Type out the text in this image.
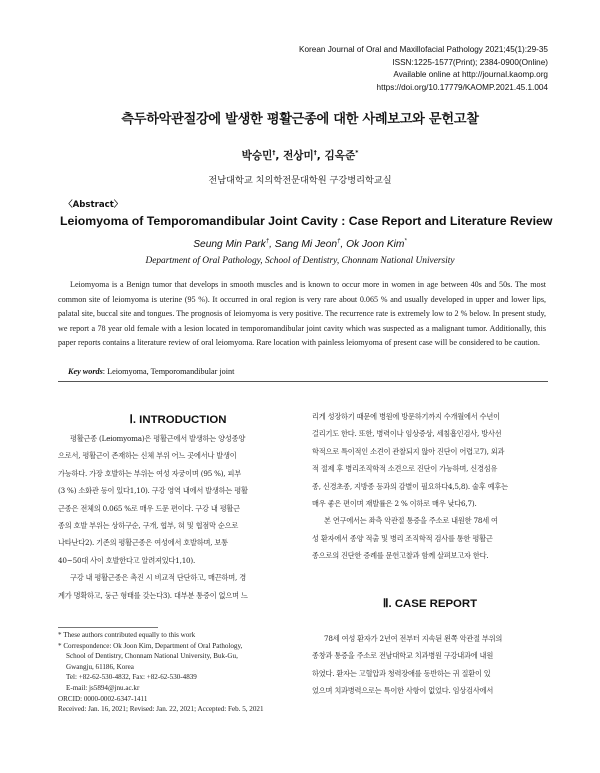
Korean Journal of Oral and Maxillofacial Pathology 2021;45(1):29-35
ISSN:1225-1577(Print); 2384-0900(Online)
Available online at http://journal.kaomp.org
https://doi.org/10.17779/KAOMP.2021.45.1.004
측두하악관절강에 발생한 평활근종에 대한 사례보고와 문헌고찰
박승민†, 전상미†, 김옥준*
전남대학교 치의학전문대학원 구강병리학교실
〈Abstract〉
Leiomyoma of Temporomandibular Joint Cavity : Case Report and Literature Review
Seung Min Park†, Sang Mi Jeon†, Ok Joon Kim*
Department of Oral Pathology, School of Dentistry, Chonnam National University
Leiomyoma is a Benign tumor that develops in smooth muscles and is known to occur more in women in age between 40s and 50s. The most common site of leiomyoma is uterine (95 %). It occurred in oral region is very rare about 0.065 % and usually developed in upper and lower lips, palatal site, buccal site and tongues. The prognosis of leiomyoma is very positive. The recurrence rate is extremely low to 2 % below. In present study, we report a 78 year old female with a lesion located in temporomandibular joint cavity which was suspected as a malignant tumor. Additionally, this paper reports contains a literature review of oral leiomyoma. Rare location with painless leiomyoma of present case will be considered to be caution.
Key words: Leiomyoma, Temporomandibular joint
Ⅰ. INTRODUCTION

평활근종 (Leiomyoma)은 평활근에서 발생하는 양성종양

으로서, 평활근이 존재하는 신체 부위 어느 곳에서나 발생이

가능하다. 가장 호발하는 부위는 여성 자궁이며 (95 %), 피부

(3 %) 소화관 등이 있다1,10). 구강 영역 내에서 발생하는 평활

근종은 전체의 0.065 %로 매우 드문 편이다. 구강 내 평활근

종의 호발 부위는 상하구순, 구개, 협부, 혀 및 협점막 순으로

나타난다2). 기존의 평활근종은 여성에서 호발하며, 보통

40~50대 사이 호발한다고 알려져있다1,10).

구강 내 평활근종은 촉진 시 비교적 단단하고, 매끈하며, 경

계가 명확하고, 둥근 형태를 갖는다3). 대부분 통증이 없으며 느

리게 성장하기 때문에 병원에 방문하기까지 수개월에서 수년이

걸리기도 한다. 또한, 병력이나 임상증상, 세침흡인검사, 방사선

학적으로 특이적인 소견이 관찰되지 않아 진단이 어렵고7), 외과

적 절제 후 병리조직학적 소견으로 진단이 가능하며, 신경섬유

종, 신경초종, 지방종 등과의 감별이 필요하다4,5,8). 술후 예후는

매우 좋은 편이며 재발률은 2 % 이하로 매우 낮다6,7).

본 연구에서는 좌측 악관절 통증을 주소로 내원한 78세 여

성 환자에서 종양 적출 및 병리 조직학적 검사를 통한 평활근

종으로의 진단한 증례를 문헌고찰과 함께 살펴보고자 한다.

Ⅱ. CASE REPORT

78세 여성 환자가 2년여 전부터 지속된 왼쪽 악관절 부위의

종창과 통증을 주소로 전남대학교 치과병원 구강내과에 내원

하였다. 환자는 고혈압과 청력장애를 동반하는 귀 질환이 있

었으며 치과병력으로는 특이한 사항이 없었다. 임상검사에서

* These authors contributed equally to this work
* Correspondence: Ok Joon Kim, Department of Oral Pathology,
School of Dentistry, Chonnam National University, Buk-Gu,
Gwangju, 61186, Korea
Tel: +82-62-530-4832, Fax: +82-62-530-4839
E-mail: js5894@jnu.ac.kr
ORCID: 0000-0002-6347-1411
Received: Jan. 16, 2021; Revised: Jan. 22, 2021; Accepted: Feb. 5, 2021
